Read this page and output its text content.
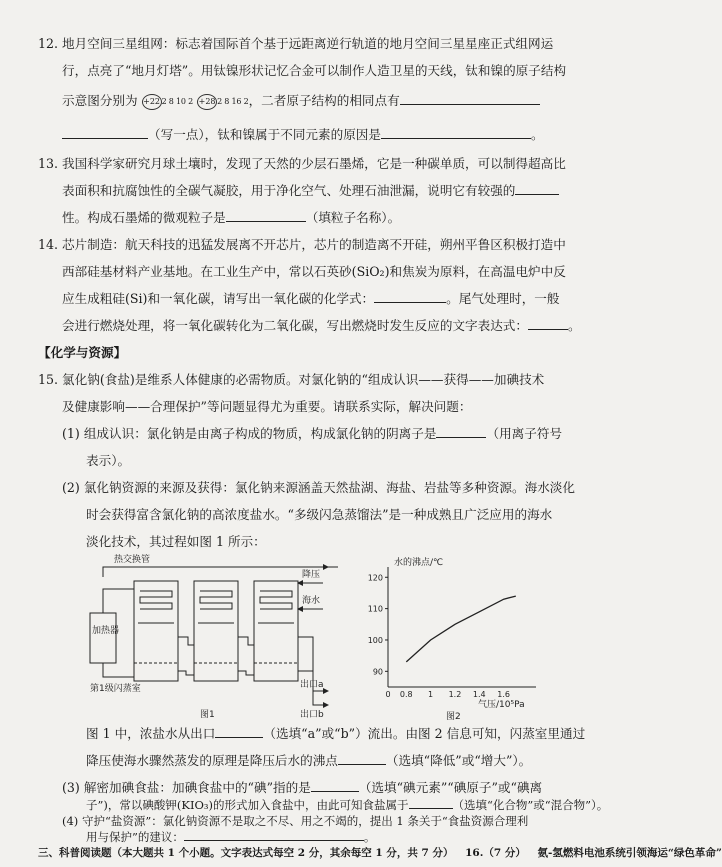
12. 地月空间三星组网：标志着国际首个基于远距离逆行轨道的地月空间三星星座正式组网运
行，点亮了“地月灯塔”。用钛镍形状记忆合金可以制作人造卫星的天线，钛和镍的原子结构
示意图分别为 +22 2 8 10 2 +28 2 8 16 2，二者原子结构的相同点有
（写一点），钛和镍属于不同元素的原因是	。
13. 我国科学家研究月球土壤时，发现了天然的少层石墨烯，它是一种碳单质，可以制得超高比
表面积和抗腐蚀性的全碳气凝胶，用于净化空气、处理石油泄漏，说明它有较强的
性。构成石墨烯的微观粒子是	（填粒子名称）。
14. 芯片制造：航天科技的迅猛发展离不开芯片，芯片的制造离不开硅，朔州平鲁区积极打造中
西部硅基材料产业基地。在工业生产中，常以石英砂(SiO₂)和焦炭为原料，在高温电炉中反
应生成粗硅(Si)和一氧化碳，请写出一氧化碳的化学式：	。尾气处理时，一般
会进行燃烧处理，将一氧化碳转化为二氧化碳，写出燃烧时发生反应的文字表达式：	。
【化学与资源】
15. 氯化钠(食盐)是维系人体健康的必需物质。对氯化钠的“组成认识——获得——加碘技术
及健康影响——合理保护”等问题显得尤为重要。请联系实际，解决问题：
(1) 组成认识：氯化钠是由离子构成的物质，构成氯化钠的阴离子是	（用离子符号
表示）。
(2) 氯化钠资源的来源及获得：氯化钠来源涵盖天然盐湖、海盐、岩盐等多种资源。海水淡化
时会获得富含氯化钠的高浓度盐水。“多级闪急蒸馏法”是一种成熟且广泛应用的海水
淡化技术，其过程如图 1 所示：
热交换管
降压
海水
加热器
第1级闪蒸室	出口a
出口b
图1
水的沸点/℃
气压/10⁵Pa
图2
90
100
110
120
0 0.8 1 1.2 1.4 1.6
图 1 中，浓盐水从出口	（选填“a”或“b”）流出。由图 2 信息可知，闪蒸室里通过
降压使海水骤然蒸发的原理是降压后水的沸点	（选填“降低”或“增大”）。
(3) 解密加碘食盐：加碘食盐中的“碘”指的是	（选填“碘元素”“碘原子”或“碘离
子”)，常以碘酸钾(KIO₃)的形式加入食盐中，由此可知食盐属于	（选填“化合物”或“混合物”）。
(4) 守护“盐资源”：氯化钠资源不是取之不尽、用之不竭的，提出 1 条关于“食盐资源合理利
用与保护”的建议：	。
三、科普阅读题（本大题共 1 个小题。文字表达式每空 2 分，其余每空 1 分，共 7 分） 16.（7 分） 氨-氢燃料电池系统引领海运“绿色革命”
